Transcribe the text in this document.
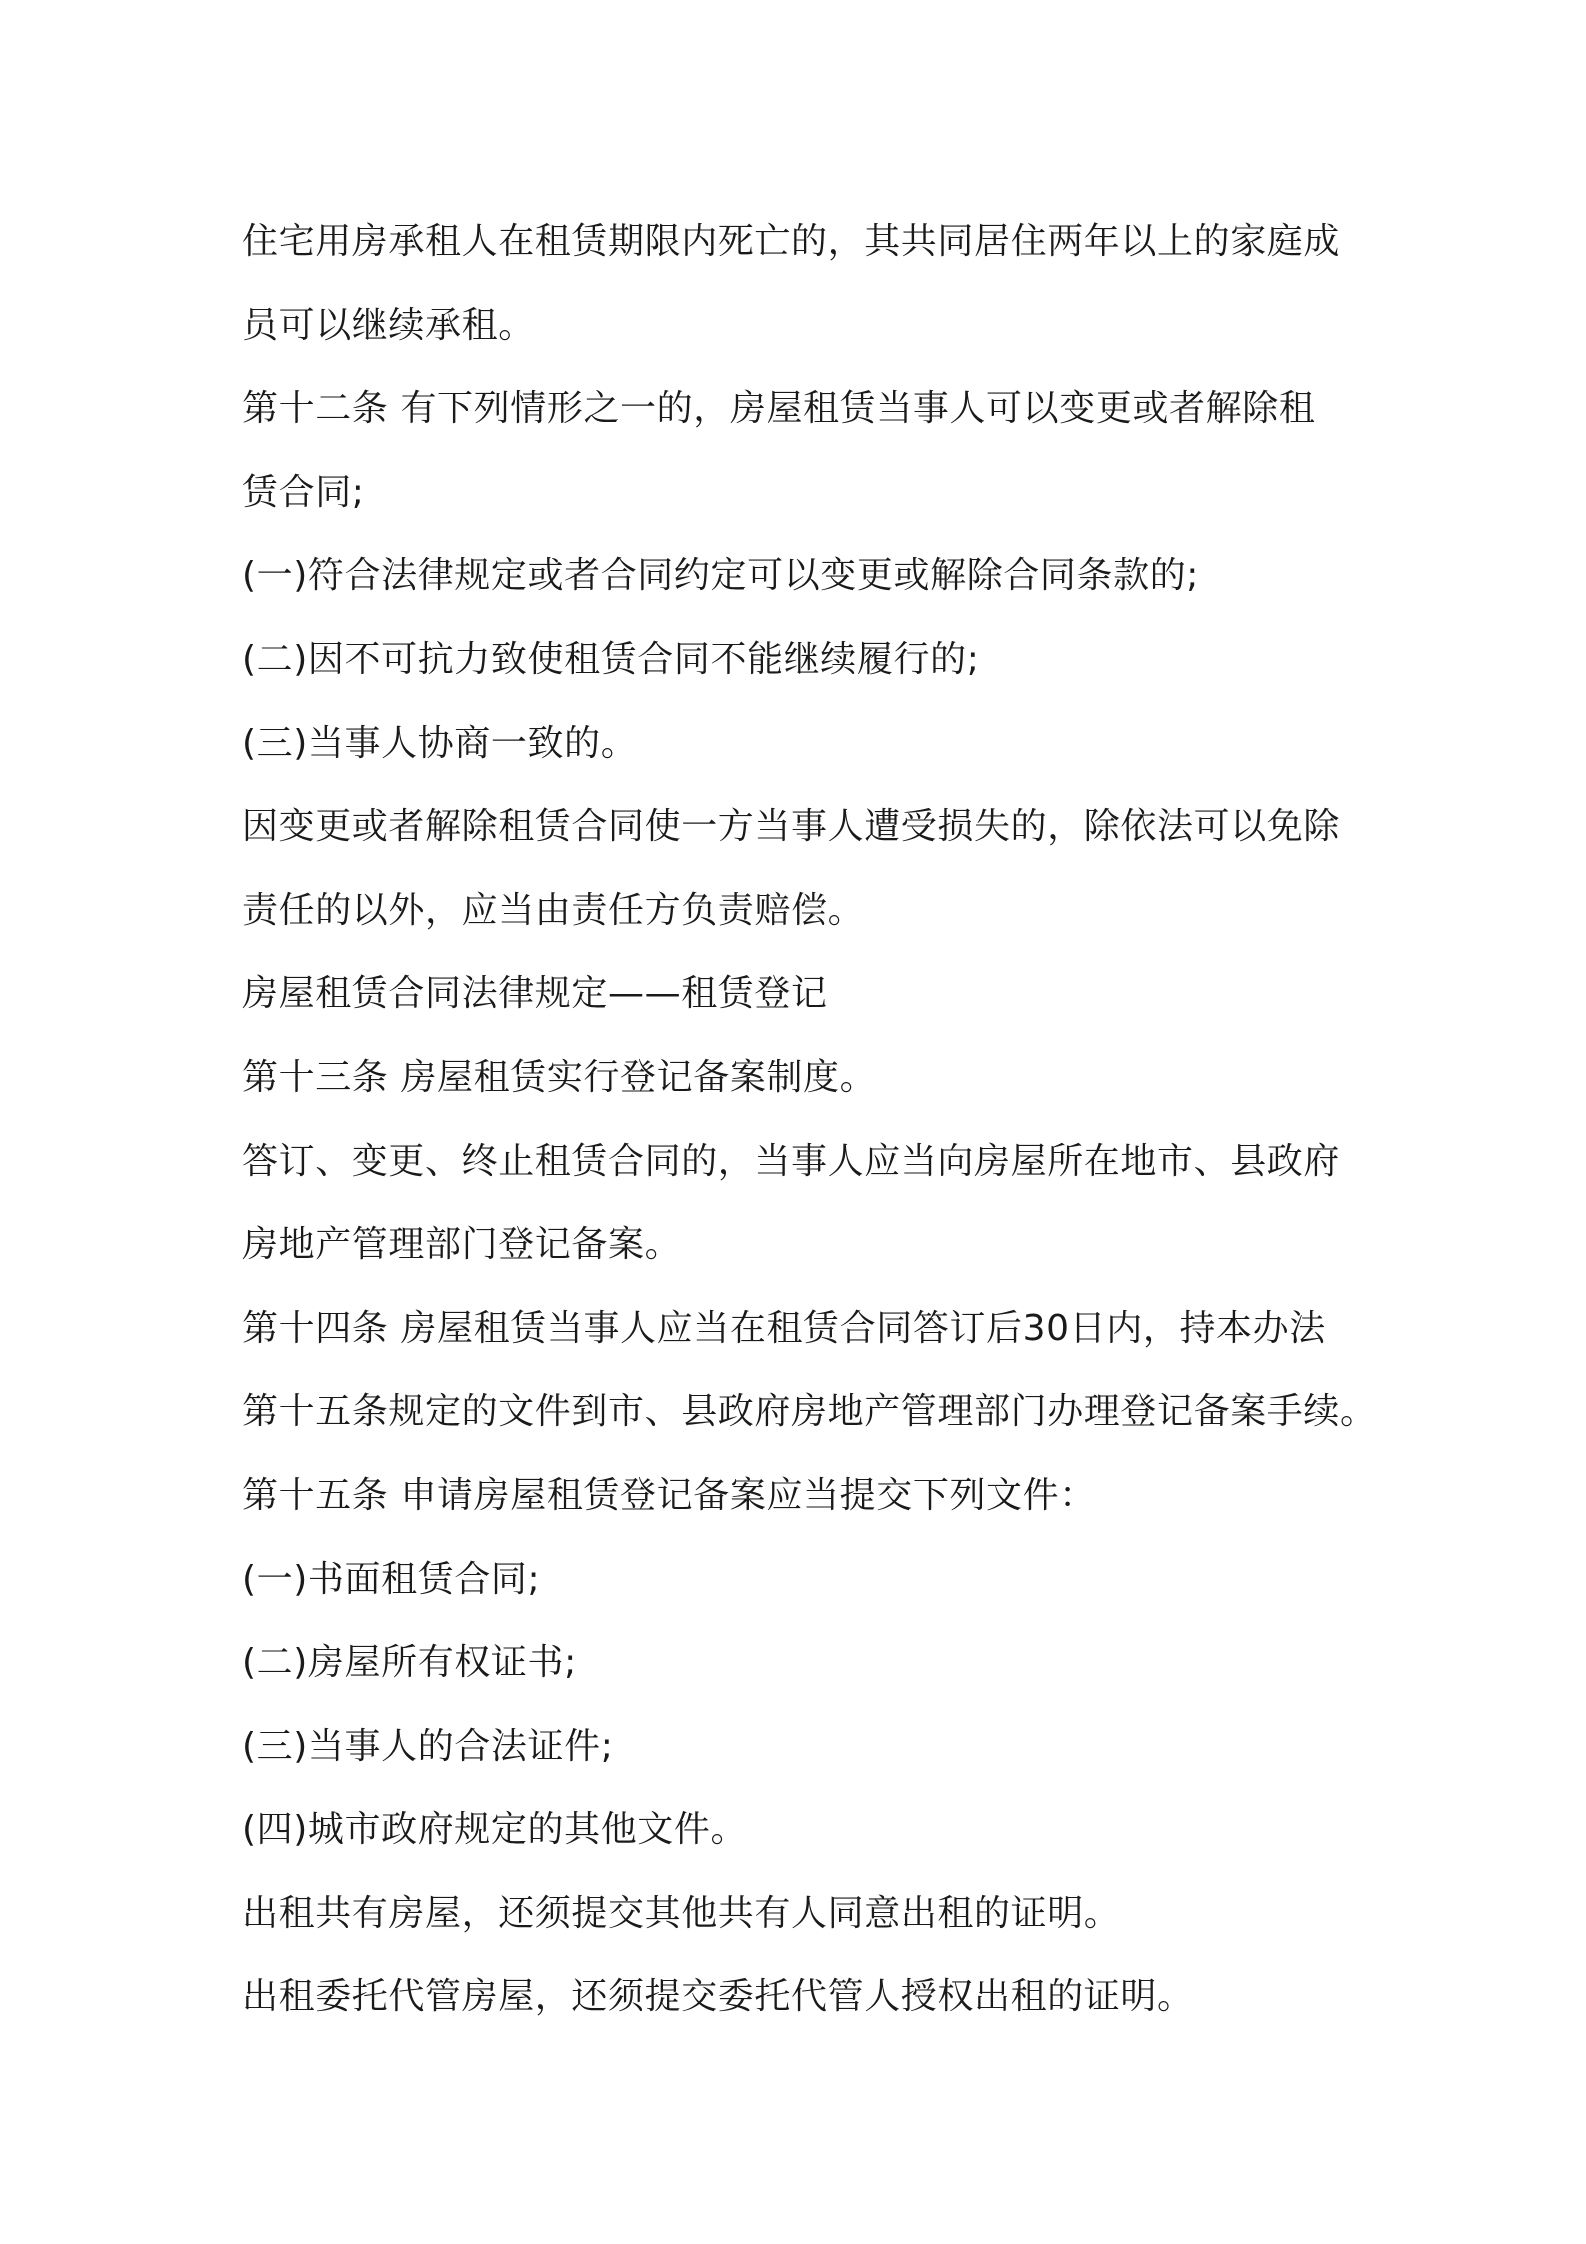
住宅用房承租人在租赁期限内死亡的，其共同居住两年以上的家庭成
员可以继续承租。
第十二条 有下列情形之一的，房屋租赁当事人可以变更或者解除租
赁合同;
(一)符合法律规定或者合同约定可以变更或解除合同条款的;
(二)因不可抗力致使租赁合同不能继续履行的;
(三)当事人协商一致的。
因变更或者解除租赁合同使一方当事人遭受损失的，除依法可以免除
责任的以外，应当由责任方负责赔偿。
房屋租赁合同法律规定——租赁登记
第十三条 房屋租赁实行登记备案制度。
答订、变更、终止租赁合同的，当事人应当向房屋所在地市、县政府
房地产管理部门登记备案。
第十四条 房屋租赁当事人应当在租赁合同答订后30日内，持本办法
第十五条规定的文件到市、县政府房地产管理部门办理登记备案手续。
第十五条 申请房屋租赁登记备案应当提交下列文件：
(一)书面租赁合同;
(二)房屋所有权证书;
(三)当事人的合法证件;
(四)城市政府规定的其他文件。
出租共有房屋，还须提交其他共有人同意出租的证明。
出租委托代管房屋，还须提交委托代管人授权出租的证明。
